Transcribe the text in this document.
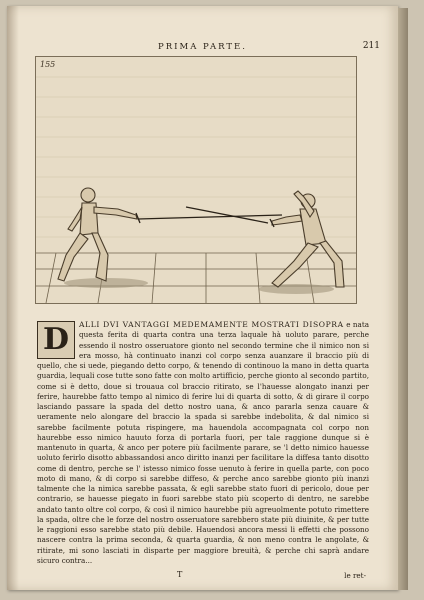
PRIMA PARTE.	211
155
D	ALLI DVI VANTAGGI MEDEMAMENTE MOSTRATI DISOPRA e nata questa ferita di quarta contra una terza laquale hà uoluto parare, perche essendo il nostro osseruatore gionto nel secondo termine che il nimico non si era mosso, hà continuato inanzi col corpo senza auanzare il braccio più di quello, che si uede, piegando detto corpo, & tenendo di continouo la mano in detta quarta guardia, lequali cose tutte sono fatte con molto artifficio, perche gionto al secondo partito, come si è detto, doue si trouaua col braccio ritirato, se l'hauesse alongato inanzi per ferire, haurebbe fatto tempo al nimico di ferire lui di quarta di sotto, & di girare il corpo lasciando passare la spada del detto nostro uana, & anco pararla senza cauare & ueramente nelo alongare del braccio la spada si sarebbe indebolita, & dal nimico si sarebbe facilmente potuta rispingere, ma hauendola accompagnata col corpo non haurebbe esso nimico hauuto forza di portarla fuori, per tale raggione dunque si è mantenuto in quarta, & anco per potere più facilmente parare, se 'l detto nimico hauesse uoluto ferirlo disotto abbassandosi anco diritto inanzi per facilitare la diffesa tanto disotto come di dentro, perche se l' istesso nimico fosse uenuto à ferire in quella parte, con poco moto di mano, & di corpo si sarebbe diffeso, & perche anco sarebbe gionto più inanzi talmente che la nimica sarebbe passata, & egli sarebbe stato fuori di pericolo, doue per contrario, se hauesse piegato in fuori sarebbe stato più scoperto di dentro, ne sarebbe andato tanto oltre col corpo, & così il nimico haurebbe più agreuolmente potuto rimettere la spada, oltre che le forze del nostro osseruatore sarebbero state più diuinite, & per tutte le raggioni esso sarebbe stato più debile. Hauendosi ancora messi li effetti che possono nascere contra la prima seconda, & quarta guardia, & non meno contra le angolate, & ritirate, mi sono lasciati in disparte per maggiore breuità, & perche chi saprà andare sicuro contra...
T	le ret-
